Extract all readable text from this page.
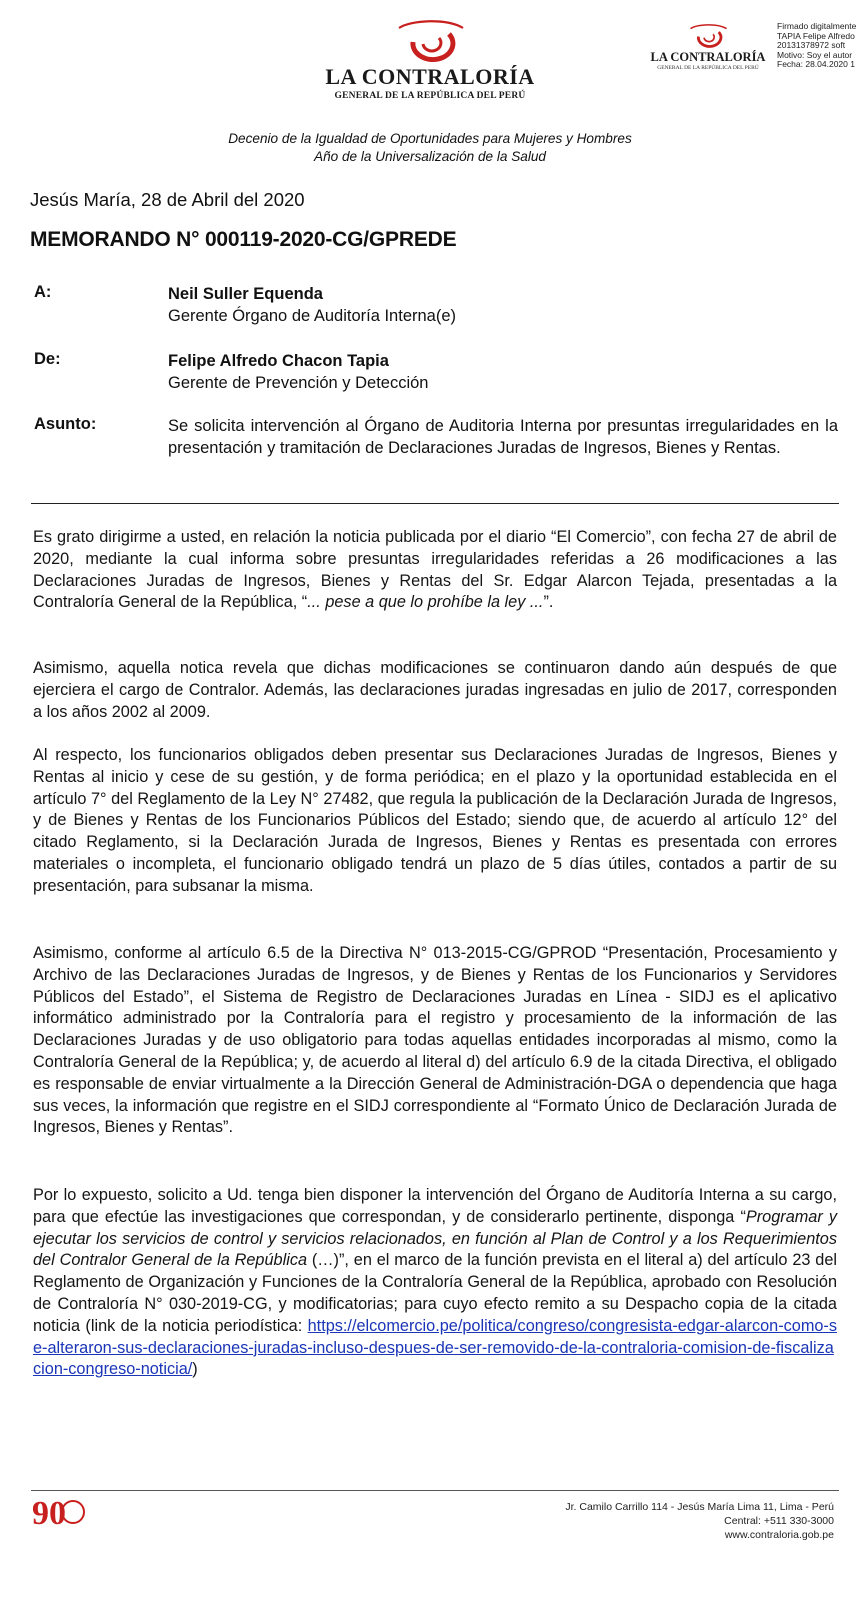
LA CONTRALORÍA
GENERAL DE LA REPÚBLICA DEL PERÚ
LA CONTRALORÍA
GENERAL DE LA REPÚBLICA DEL PERÚ
Firmado digitalmente
TAPIA Felipe Alfredo
20131378972 soft
Motivo: Soy el autor
Fecha: 28.04.2020 1
Decenio de la Igualdad de Oportunidades para Mujeres y Hombres
Año de la Universalización de la Salud
Jesús María, 28 de Abril del 2020
MEMORANDO N° 000119-2020-CG/GPREDE
A:	Neil Suller Equenda
Gerente Órgano de Auditoría Interna(e)
De:	Felipe Alfredo Chacon Tapia
Gerente de Prevención y Detección
Asunto:	Se solicita intervención al Órgano de Auditoria Interna por presuntas irregularidades en la presentación y tramitación de Declaraciones Juradas de Ingresos, Bienes y Rentas.
Es grato dirigirme a usted, en relación la noticia publicada por el diario “El Comercio”, con fecha 27 de abril de 2020, mediante la cual informa sobre presuntas irregularidades referidas a 26 modificaciones a las Declaraciones Juradas de Ingresos, Bienes y Rentas del Sr. Edgar Alarcon Tejada, presentadas a la Contraloría General de la República, “... pese a que lo prohíbe la ley ...”.
Asimismo, aquella notica revela que dichas modificaciones se continuaron dando aún después de que ejerciera el cargo de Contralor. Además, las declaraciones juradas ingresadas en julio de 2017, corresponden a los años 2002 al 2009.
Al respecto, los funcionarios obligados deben presentar sus Declaraciones Juradas de Ingresos, Bienes y Rentas al inicio y cese de su gestión, y de forma periódica; en el plazo y la oportunidad establecida en el artículo 7° del Reglamento de la Ley N° 27482, que regula la publicación de la Declaración Jurada de Ingresos, y de Bienes y Rentas de los Funcionarios Públicos del Estado; siendo que, de acuerdo al artículo 12° del citado Reglamento, si la Declaración Jurada de Ingresos, Bienes y Rentas es presentada con errores materiales o incompleta, el funcionario obligado tendrá un plazo de 5 días útiles, contados a partir de su presentación, para subsanar la misma.
Asimismo, conforme al artículo 6.5 de la Directiva N° 013-2015-CG/GPROD “Presentación, Procesamiento y Archivo de las Declaraciones Juradas de Ingresos, y de Bienes y Rentas de los Funcionarios y Servidores Públicos del Estado”, el Sistema de Registro de Declaraciones Juradas en Línea - SIDJ es el aplicativo informático administrado por la Contraloría para el registro y procesamiento de la información de las Declaraciones Juradas y de uso obligatorio para todas aquellas entidades incorporadas al mismo, como la Contraloría General de la República; y, de acuerdo al literal d) del artículo 6.9 de la citada Directiva, el obligado es responsable de enviar virtualmente a la Dirección General de Administración-DGA o dependencia que haga sus veces, la información que registre en el SIDJ correspondiente al “Formato Único de Declaración Jurada de Ingresos, Bienes y Rentas”.
Por lo expuesto, solicito a Ud. tenga bien disponer la intervención del Órgano de Auditoría Interna a su cargo, para que efectúe las investigaciones que correspondan, y de considerarlo pertinente, disponga “Programar y ejecutar los servicios de control y servicios relacionados, en función al Plan de Control y a los Requerimientos del Contralor General de la República (…)”, en el marco de la función prevista en el literal a) del artículo 23 del Reglamento de Organización y Funciones de la Contraloría General de la República, aprobado con Resolución de Contraloría N° 030-2019-CG, y modificatorias; para cuyo efecto remito a su Despacho copia de la citada noticia (link de la noticia periodística: https://elcomercio.pe/politica/congreso/congresista-edgar-alarcon-como-se-alteraron-sus-declaraciones-juradas-incluso-despues-de-ser-removido-de-la-contraloria-comision-de-fiscalizacion-congreso-noticia/)
90	Jr. Camilo Carrillo 114 - Jesús María Lima 11, Lima - Perú
Central: +511 330-3000
www.contraloria.gob.pe
